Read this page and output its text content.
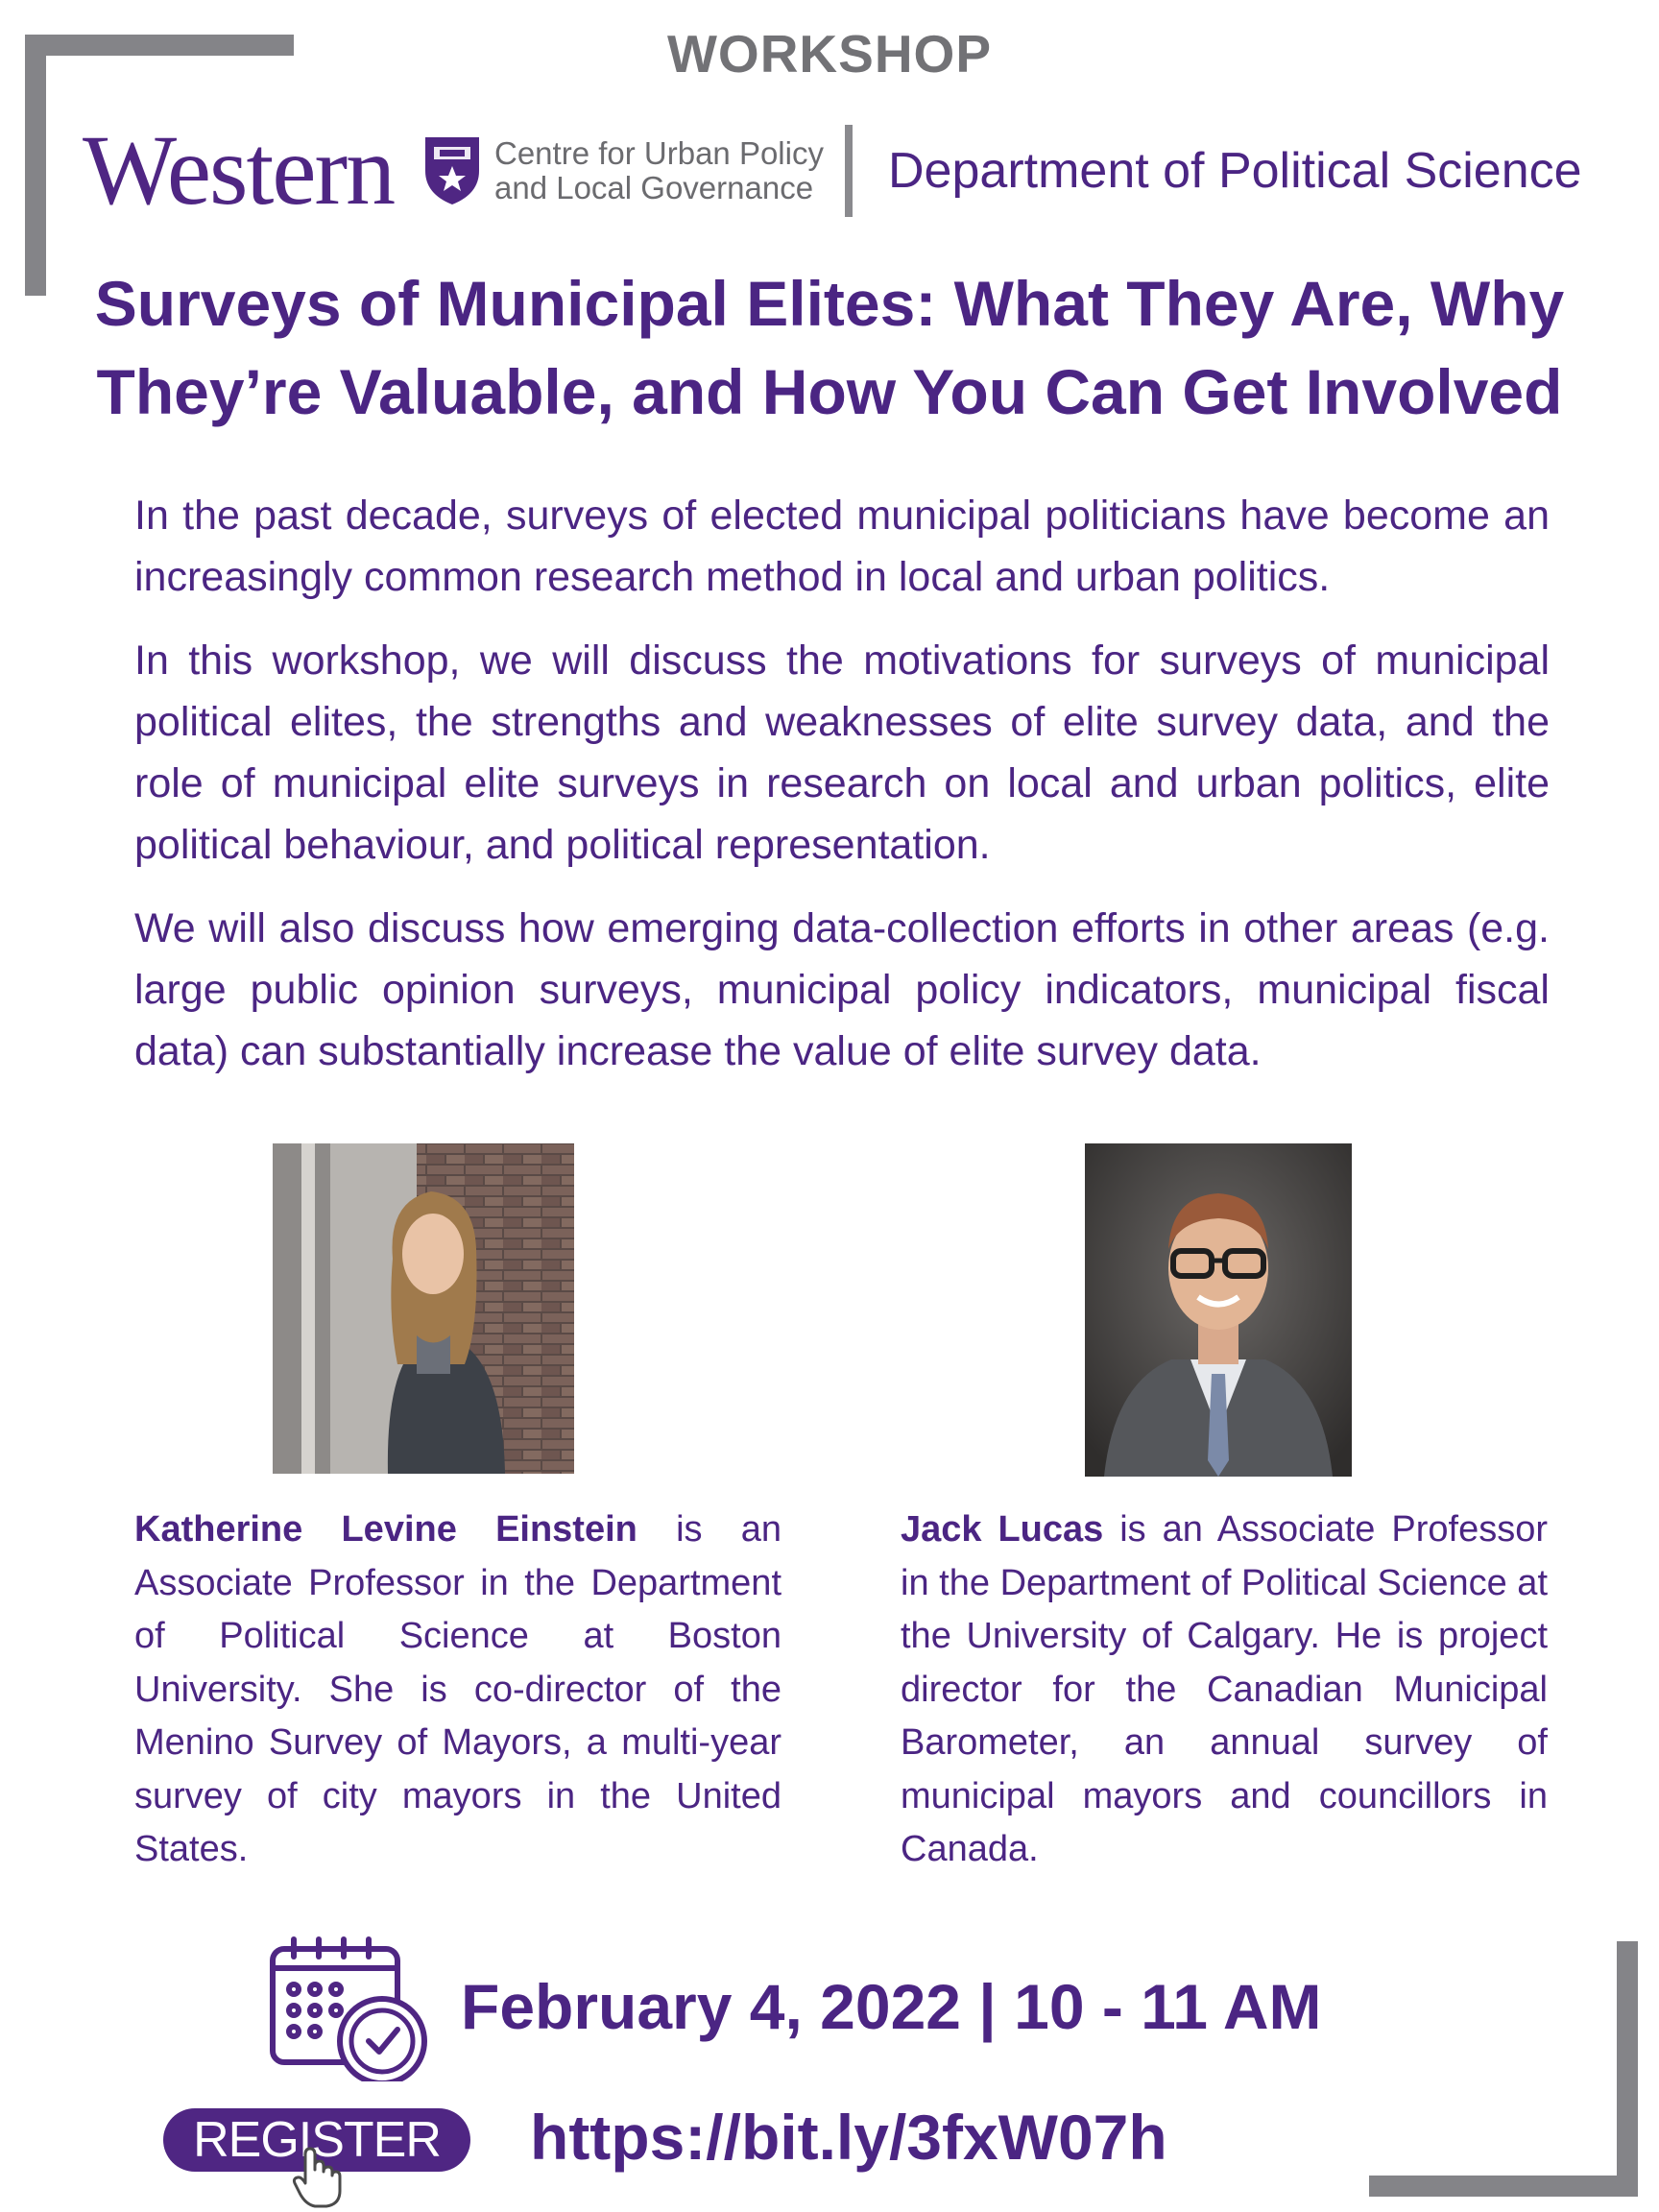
WORKSHOP
Western	Centre for Urban Policy
and Local Governance Department of Political Science
Surveys of Municipal Elites: What They Are, Why
They’re Valuable, and How You Can Get Involved

In the past decade, surveys of elected municipal politicians have become an increasingly common research method in local and urban politics.

In this workshop, we will discuss the motivations for surveys of municipal political elites, the strengths and weaknesses of elite survey data, and the role of municipal elite surveys in research on local and urban politics, elite political behaviour, and political representation.

We will also discuss how emerging data-collection efforts in other areas (e.g. large public opinion surveys, municipal policy indicators, municipal fiscal data) can substantially increase the value of elite survey data.

Katherine Levine Einstein is an Associate Professor in the Department of Political Science at Boston University. She is co-director of the Menino Survey of Mayors, a multi-year survey of city mayors in the United States.
Jack Lucas is an Associate Professor in the Department of Political Science at the University of Calgary. He is project director for the Canadian Municipal Barometer, an annual survey of municipal mayors and councillors in Canada.
February 4, 2022 | 10 - 11 AM
REGISTER	https://bit.ly/3fxW07h
